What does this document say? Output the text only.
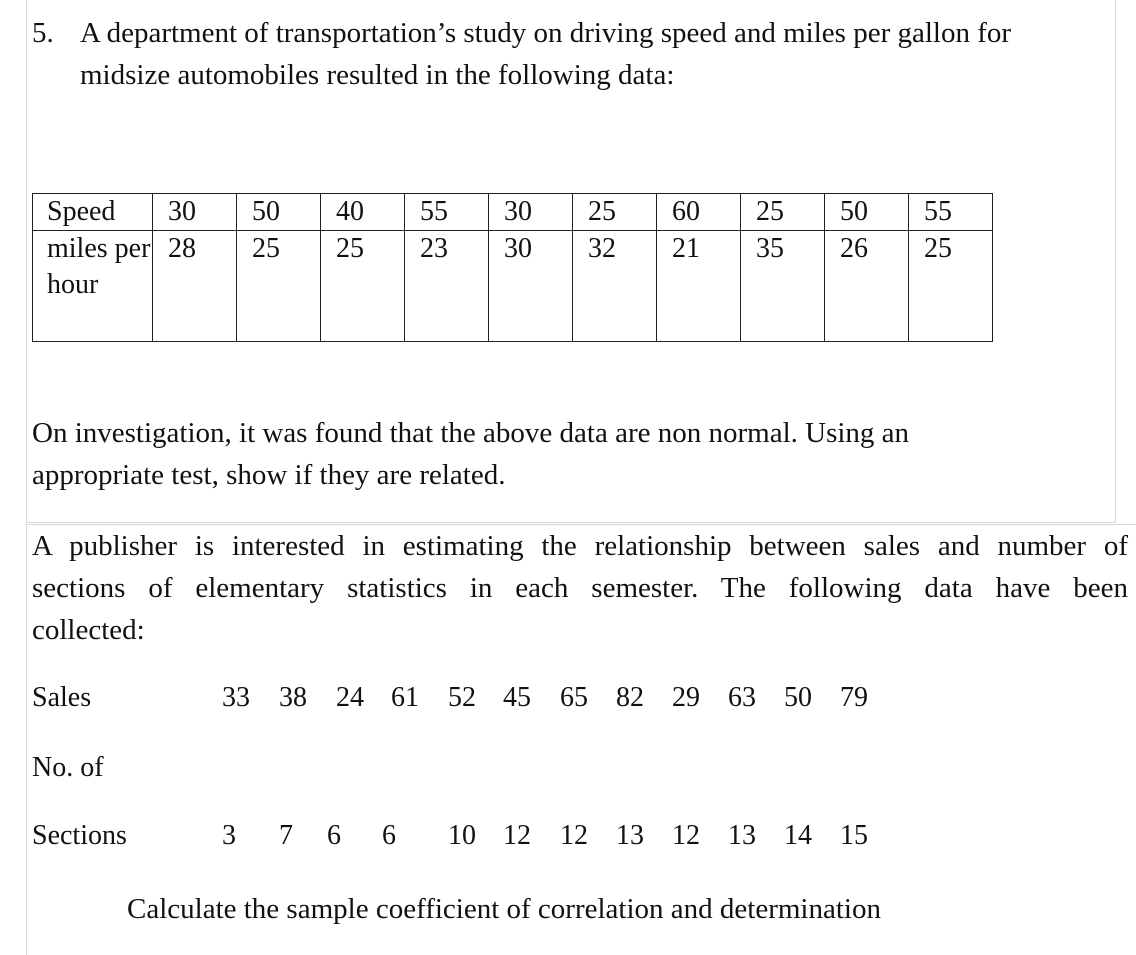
5. A department of transportation’s study on driving speed and miles per gallon for
midsize automobiles resulted in the following data:
Speed	30	50	40	55	30	25	60	25	50	55
miles per hour	28	25	25	23	30	32	21	35	26	25
On investigation, it was found that the above data are non normal. Using an
appropriate test, show if they are related.
A publisher is interested in estimating the relationship between sales and number of
sections of elementary statistics in each semester. The following data have been
collected:
Sales	33 38 24 61 52 45 65 82 29 63 50 79
No. of
Sections	3 7 6 6 10 12 12 13 12 13 14 15
Calculate the sample coefficient of correlation and determination
